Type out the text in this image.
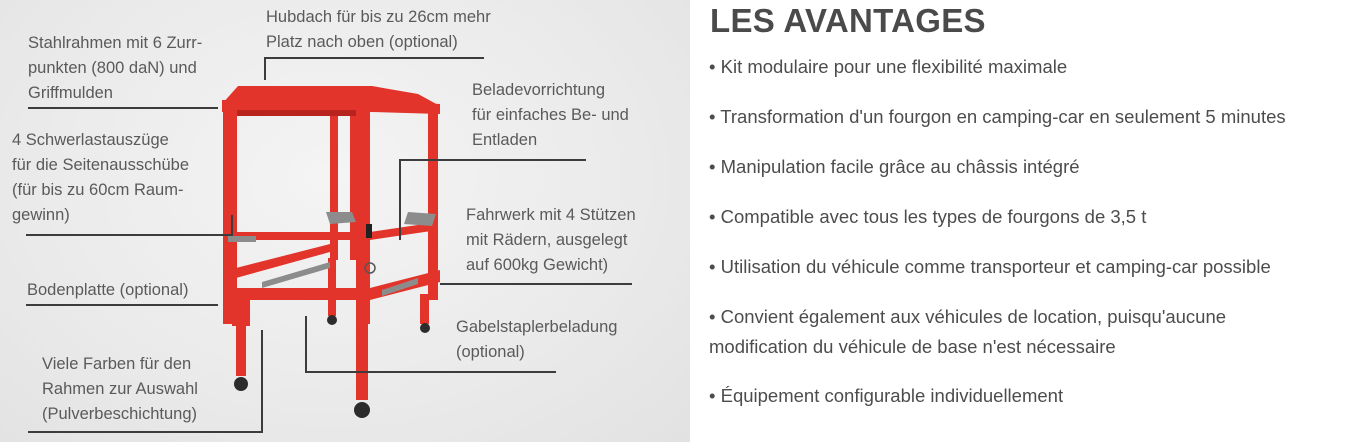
Stahlrahmen mit 6 Zurr-
punkten (800 daN) und
Griffmulden

Hubdach für bis zu 26cm mehr
Platz nach oben (optional)

Beladevorrichtung
für einfaches Be- und
Entladen

4 Schwerlastauszüge
für die Seitenausschübe
(für bis zu 60cm Raum-
gewinn)	Fahrwerk mit 4 Stützen
mit Rädern, ausgelegt
auf 600kg Gewicht)

Bodenplatte (optional)

Gabelstaplerbeladung
(optional)

Viele Farben für den
Rahmen zur Auswahl
(Pulverbeschichtung)

LES AVANTAGES

• Kit modulaire pour une flexibilité maximale

• Transformation d'un fourgon en camping-car en seulement 5 minutes

• Manipulation facile grâce au châssis intégré

• Compatible avec tous les types de fourgons de 3,5 t

• Utilisation du véhicule comme transporteur et camping-car possible

• Convient également aux véhicules de location, puisqu'aucune
modification du véhicule de base n'est nécessaire

• Équipement configurable individuellement
